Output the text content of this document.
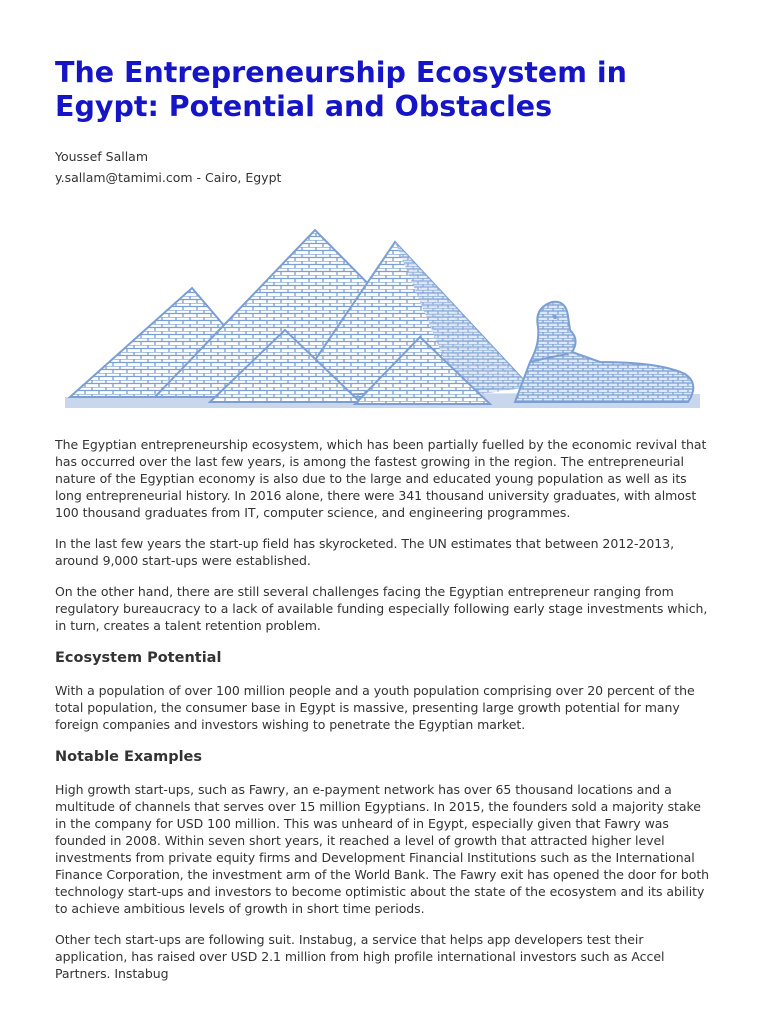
The Entrepreneurship Ecosystem in Egypt: Potential and Obstacles
Youssef Sallam
y.sallam@tamimi.com - Cairo, Egypt

The Egyptian entrepreneurship ecosystem, which has been partially fuelled by the economic revival that has occurred over the last few years, is among the fastest growing in the region. The entrepreneurial nature of the Egyptian economy is also due to the large and educated young population as well as its long entrepreneurial history. In 2016 alone, there were 341 thousand university graduates, with almost 100 thousand graduates from IT, computer science, and engineering programmes.

In the last few years the start-up field has skyrocketed. The UN estimates that between 2012-2013, around 9,000 start-ups were established.

On the other hand, there are still several challenges facing the Egyptian entrepreneur ranging from regulatory bureaucracy to a lack of available funding especially following early stage investments which, in turn, creates a talent retention problem.

Ecosystem Potential

With a population of over 100 million people and a youth population comprising over 20 percent of the total population, the consumer base in Egypt is massive, presenting large growth potential for many foreign companies and investors wishing to penetrate the Egyptian market.

Notable Examples

High growth start-ups, such as Fawry, an e-payment network has over 65 thousand locations and a multitude of channels that serves over 15 million Egyptians. In 2015, the founders sold a majority stake in the company for USD 100 million. This was unheard of in Egypt, especially given that Fawry was founded in 2008. Within seven short years, it reached a level of growth that attracted higher level investments from private equity firms and Development Financial Institutions such as the International Finance Corporation, the investment arm of the World Bank. The Fawry exit has opened the door for both technology start-ups and investors to become optimistic about the state of the ecosystem and its ability to achieve ambitious levels of growth in short time periods.

Other tech start-ups are following suit. Instabug, a service that helps app developers test their application, has raised over USD 2.1 million from high profile international investors such as Accel Partners. Instabug
